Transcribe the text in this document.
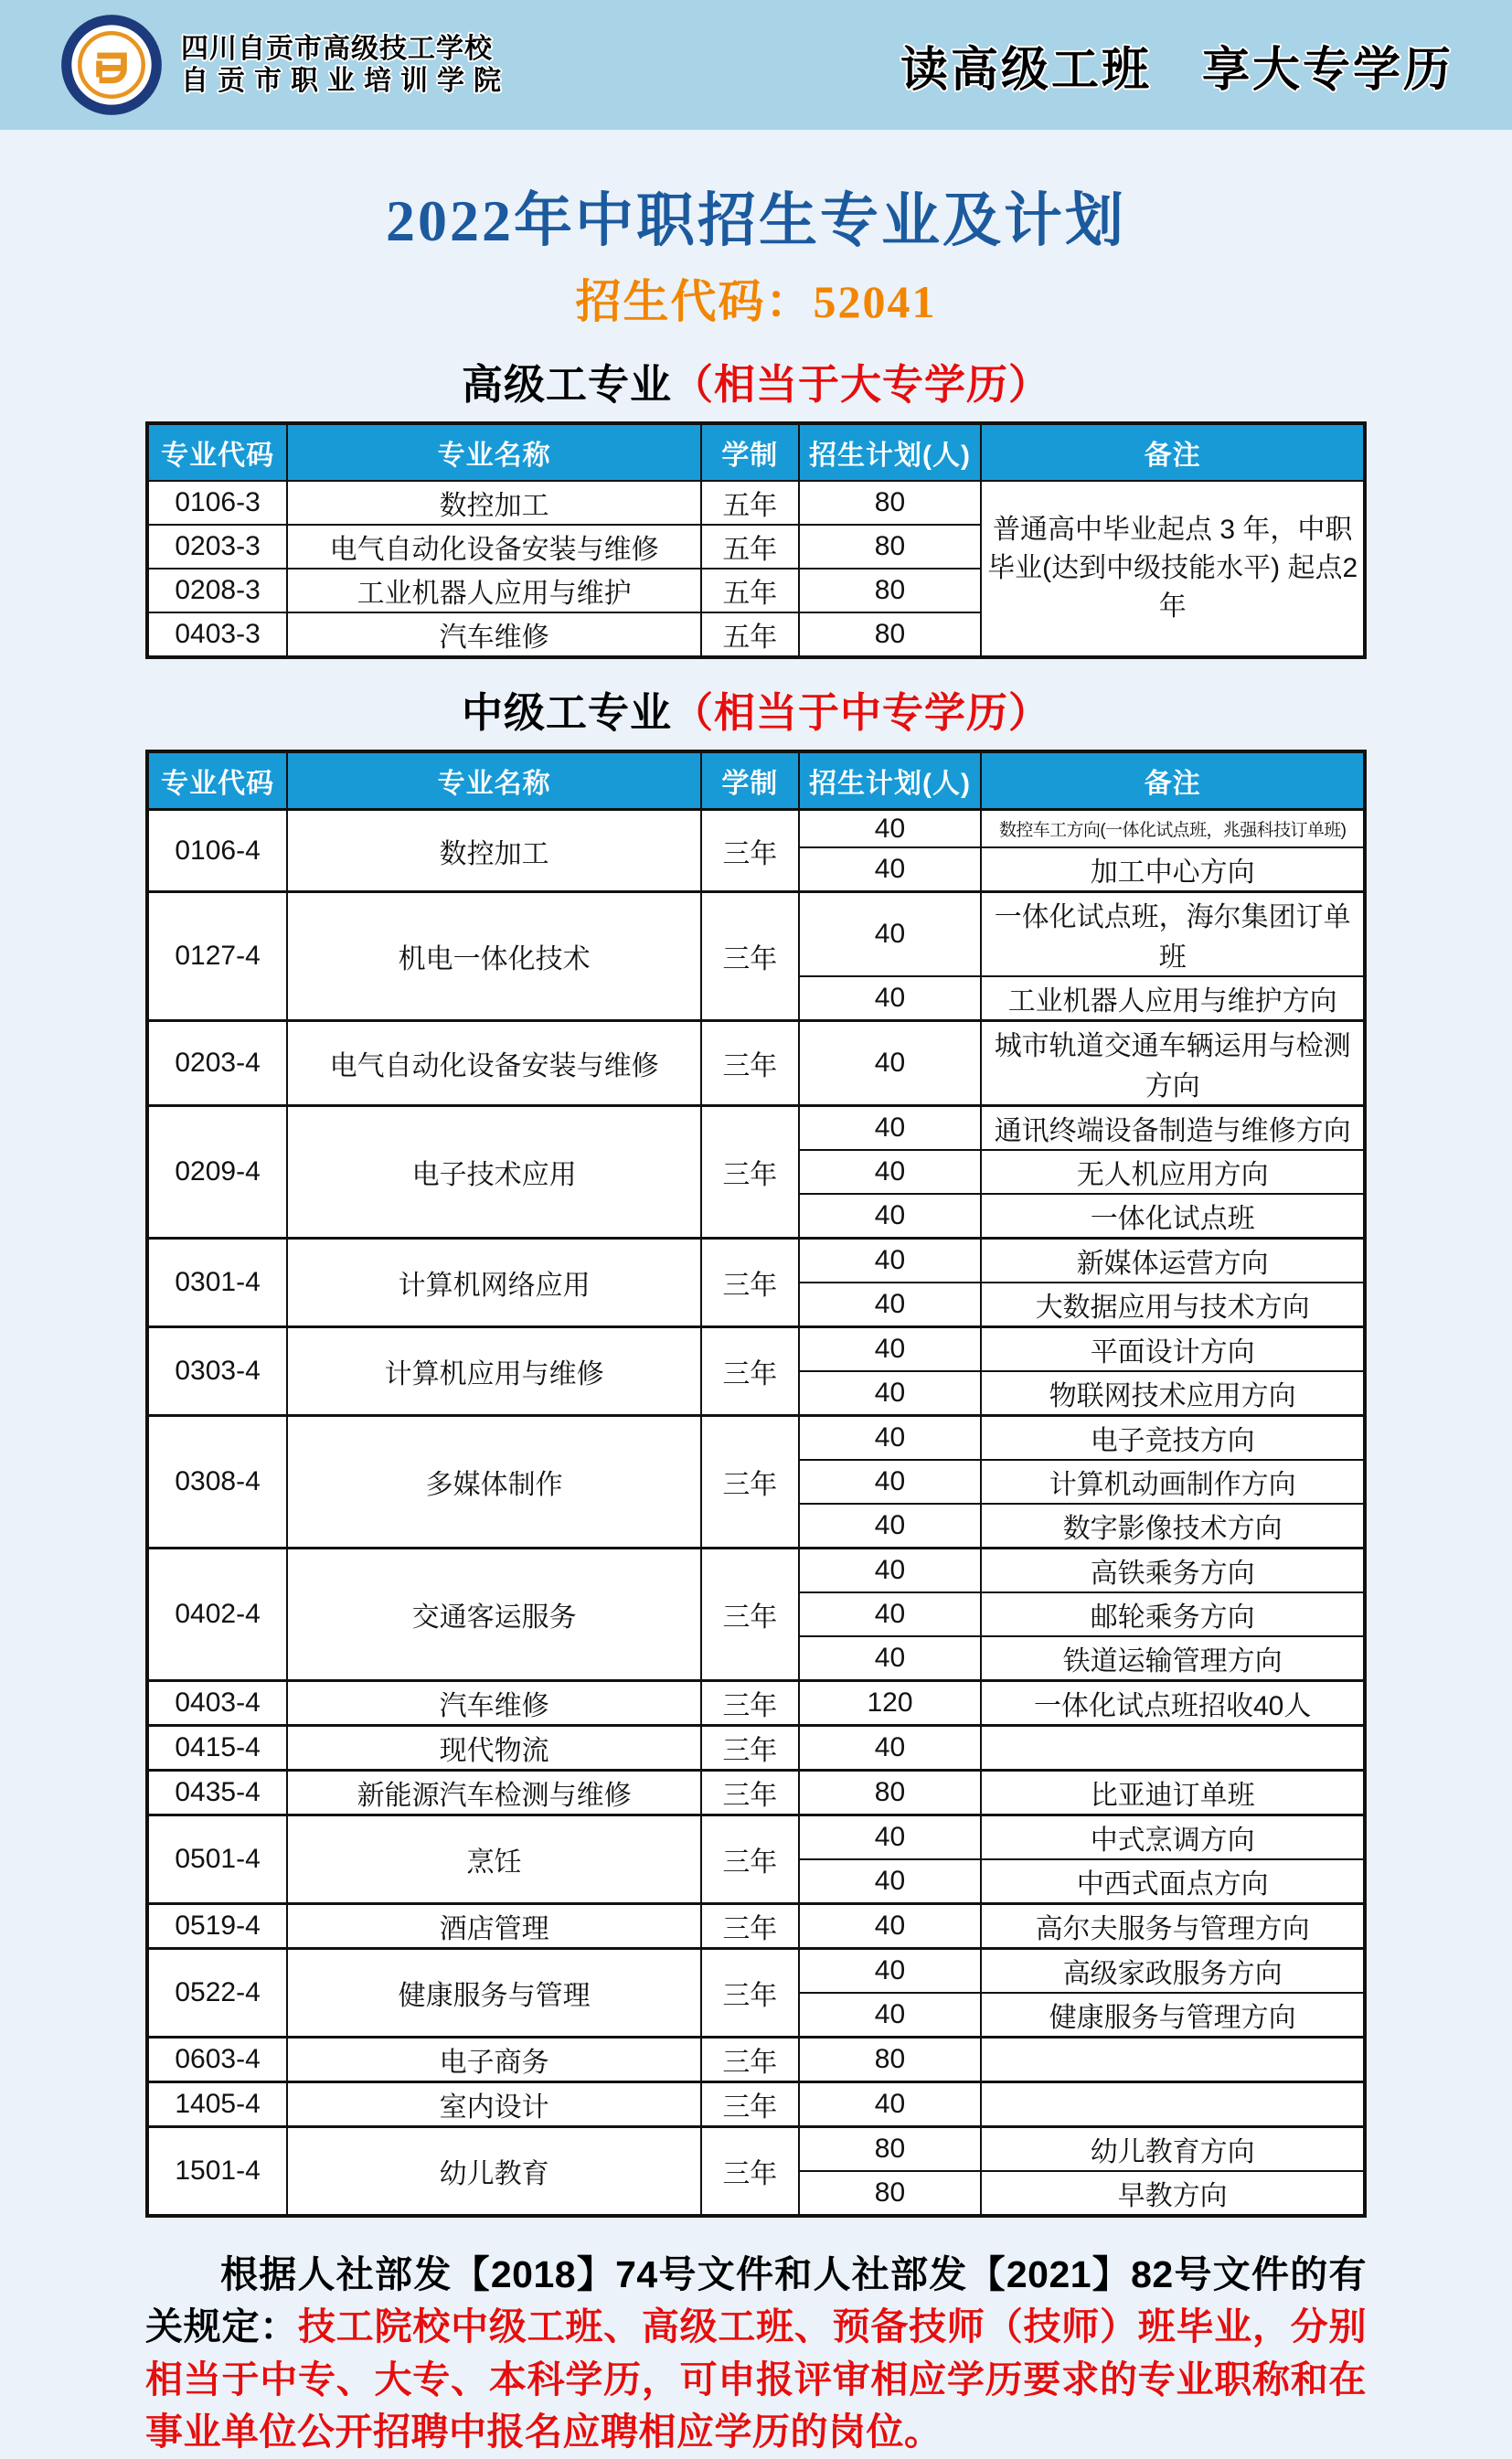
四川自贡市高级技工学校
自贡市职业培训学院	读高级工班　享大专学历
2022年中职招生专业及计划
招生代码：52041
高级工专业（相当于大专学历）
专业代码	专业名称	学制	招生计划(人)	备注
0106-3	数控加工	五年	80	普通高中毕业起点 3 年，中职毕业(达到中级技能水平) 起点2年
0203-3	电气自动化设备安装与维修	五年	80	
0208-3	工业机器人应用与维护	五年	80	
0403-3	汽车维修	五年	80	
中级工专业（相当于中专学历）
专业代码	专业名称	学制	招生计划(人)	备注
0106-4	数控加工	三年	40	数控车工方向(一体化试点班，兆强科技订单班)
			40	加工中心方向
0127-4	机电一体化技术	三年	40	一体化试点班，海尔集团订单班
			40	工业机器人应用与维护方向
0203-4	电气自动化设备安装与维修	三年	40	城市轨道交通车辆运用与检测方向
0209-4	电子技术应用	三年	40	通讯终端设备制造与维修方向
			40	无人机应用方向
			40	一体化试点班
0301-4	计算机网络应用	三年	40	新媒体运营方向
			40	大数据应用与技术方向
0303-4	计算机应用与维修	三年	40	平面设计方向
			40	物联网技术应用方向
0308-4	多媒体制作	三年	40	电子竞技方向
			40	计算机动画制作方向
			40	数字影像技术方向
0402-4	交通客运服务	三年	40	高铁乘务方向
			40	邮轮乘务方向
			40	铁道运输管理方向
0403-4	汽车维修	三年	120	一体化试点班招收40人
0415-4	现代物流	三年	40	
0435-4	新能源汽车检测与维修	三年	80	比亚迪订单班
0501-4	烹饪	三年	40	中式烹调方向
			40	中西式面点方向
0519-4	酒店管理	三年	40	高尔夫服务与管理方向
0522-4	健康服务与管理	三年	40	高级家政服务方向
			40	健康服务与管理方向
0603-4	电子商务	三年	80	
1405-4	室内设计	三年	40	
1501-4	幼儿教育	三年	80	幼儿教育方向
			80	早教方向
根据人社部发【2018】74号文件和人社部发【2021】82号文件的有关规定：技工院校中级工班、高级工班、预备技师（技师）班毕业，分别相当于中专、大专、本科学历，可申报评审相应学历要求的专业职称和在事业单位公开招聘中报名应聘相应学历的岗位。
